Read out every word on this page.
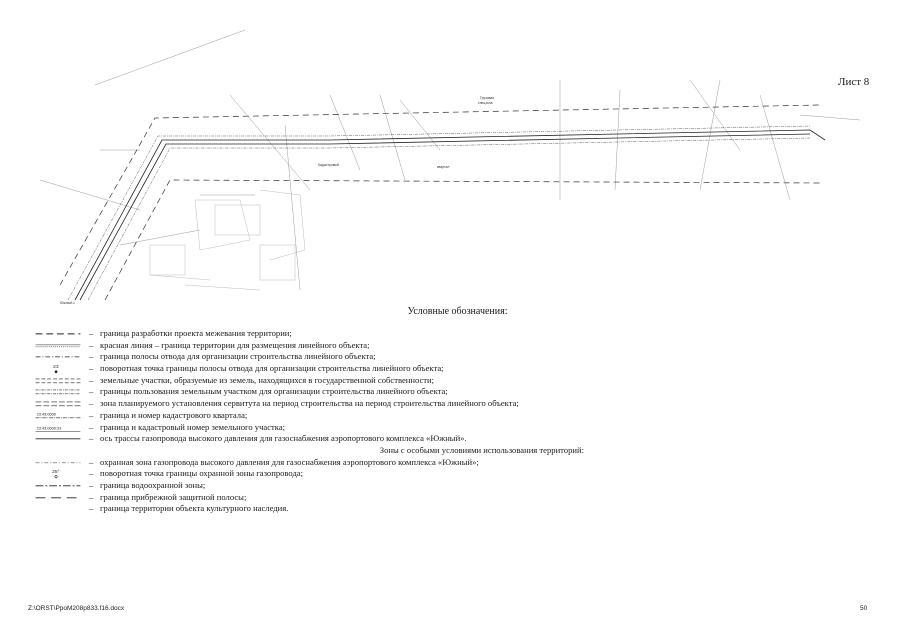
Лист 8
Грузовая
спецзона
Кадастровый	квартал
Южный-1
Условные обозначения:
– граница разработки проекта межевания территории;
– красная линия – граница территории для размещения линейного объекта;
– граница полосы отвода для организации строительства линейного объекта;
23	– поворотная точка границы полосы отвода для организации строительства линейного объекта;
– земельные участки, образуемые из земель, находящихся в государственной собственности;
– границы пользования земельным участком для организации строительства линейного объекта;
– зона планируемого установления сервитута на период строительства на период строительства линейного объекта;
23:43:0000	– граница и номер кадастрового квартала;
23:43:0000:33	– граница и кадастровый номер земельного участка;
– ось трассы газопровода высокого давления для газоснабжения аэропортового комплекса «Южный».
Зоны с особыми условиями использования территорий:
– охранная зона газопровода высокого давления для газоснабжения аэропортового комплекса «Южный»;
25°	– поворотная точка границы охранной зоны газопровода;
– граница водоохранной зоны;
– граница прибрежной защитной полосы;
– граница территории объекта культурного наследия.
Z:\ORST\PpoM208p833.f16.docx	50
